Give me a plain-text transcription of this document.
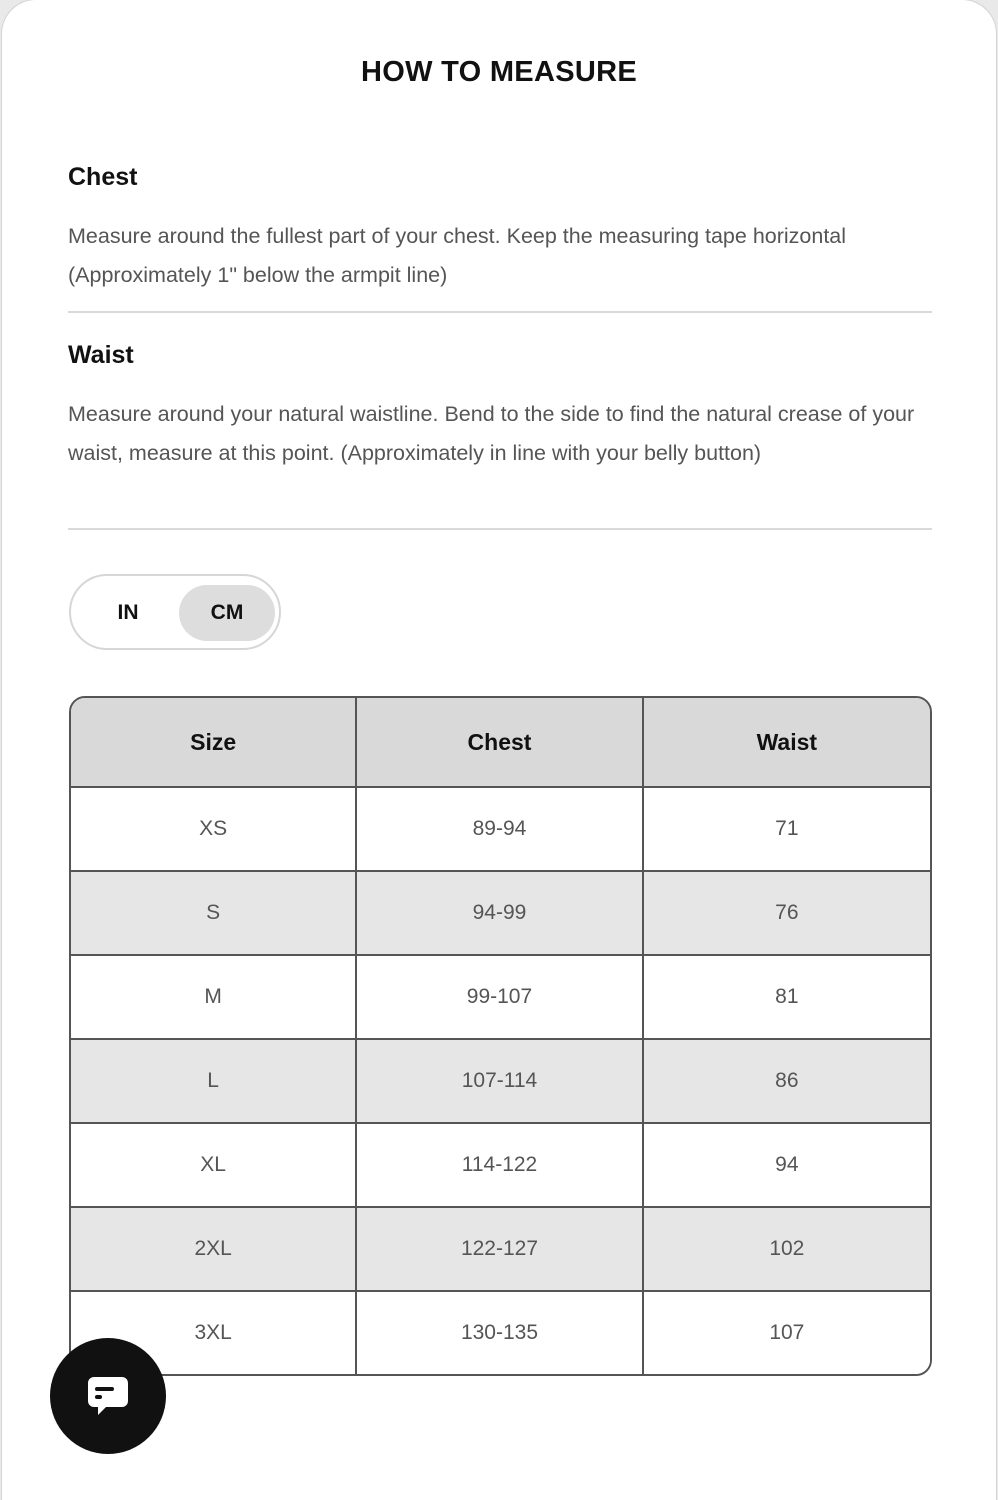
HOW TO MEASURE
Chest

Measure around the fullest part of your chest. Keep the measuring tape horizontal (Approximately 1" below the armpit line)

Waist

Measure around your natural waistline. Bend to the side to find the natural crease of your waist, measure at this point. (Approximately in line with your belly button)

IN	CM
Size	Chest	Waist
XS	89-94	71
S	94-99	76
M	99-107	81
L	107-114	86
XL	114-122	94
2XL	122-127	102
3XL	130-135	107
